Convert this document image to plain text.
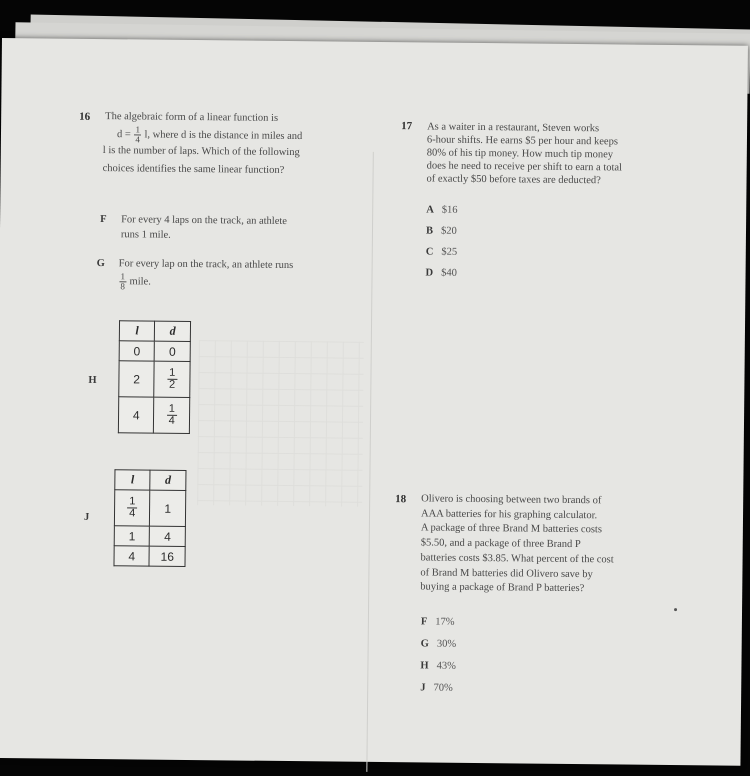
16 The algebraic form of a linear function is
$d = \frac{1}{4} l$, where d is the distance in miles and
l is the number of laps. Which of the following
choices identifies the same linear function?
F For every 4 laps on the track, an athlete
runs 1 mile.
G For every lap on the track, an athlete runs
$\frac{1}{8}$ mile.
H
l	d
0	0
2	$\frac{1}{2}$

4	$\frac{1}{4}$
J
l	d

$\frac{1}{4}$	1
1	4
4	16
17 As a waiter in a restaurant, Steven works
6-hour shifts. He earns $5 per hour and keeps
80% of his tip money. How much tip money
does he need to receive per shift to earn a total
of exactly $50 before taxes are deducted?
A $16
B $20
C $25
D $40
18 Olivero is choosing between two brands of
AAA batteries for his graphing calculator.
A package of three Brand M batteries costs
$5.50, and a package of three Brand P
batteries costs $3.85. What percent of the cost
of Brand M batteries did Olivero save by
buying a package of Brand P batteries?
F 17%
G 30%
H 43%
J 70%
